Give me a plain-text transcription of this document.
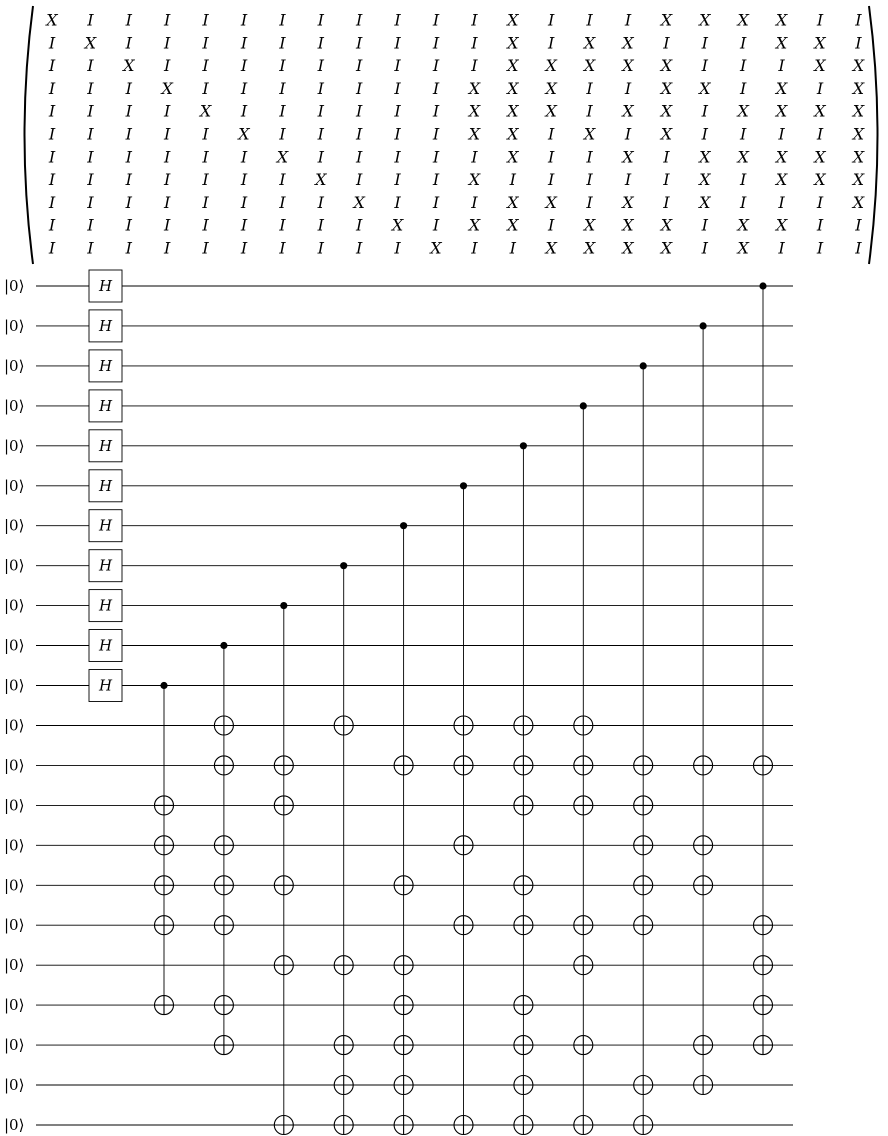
X I I I I I I I I I I I X I I I X X X X I I
I X I I I I I I I I I I X I X X I I I X X I
I I X I I I I I I I I I X X X X X I I I X X
I I I X I I I I I I I X X X I I X X I X I X
I I I I X I I I I I I X X X I X X I X X X X
I I I I I X I I I I I X X I X I X I I I I X
I I I I I I X I I I I I X I I X I X X X X X
I I I I I I I X I I I X I I I I I X I X X X
I I I I I I I I X I I I X X I X I X I I I X
I I I I I I I I I X I X X I X X X I X X I I
I I I I I I I I I I X I I X X X X I X I I I
|0⟩
|0⟩
|0⟩
|0⟩
|0⟩
|0⟩
|0⟩
|0⟩
|0⟩
|0⟩
|0⟩
|0⟩
|0⟩
|0⟩
|0⟩
|0⟩
|0⟩
|0⟩
|0⟩
|0⟩
|0⟩
|0⟩
H
H
H
H
H
H
H
H
H
H
H
